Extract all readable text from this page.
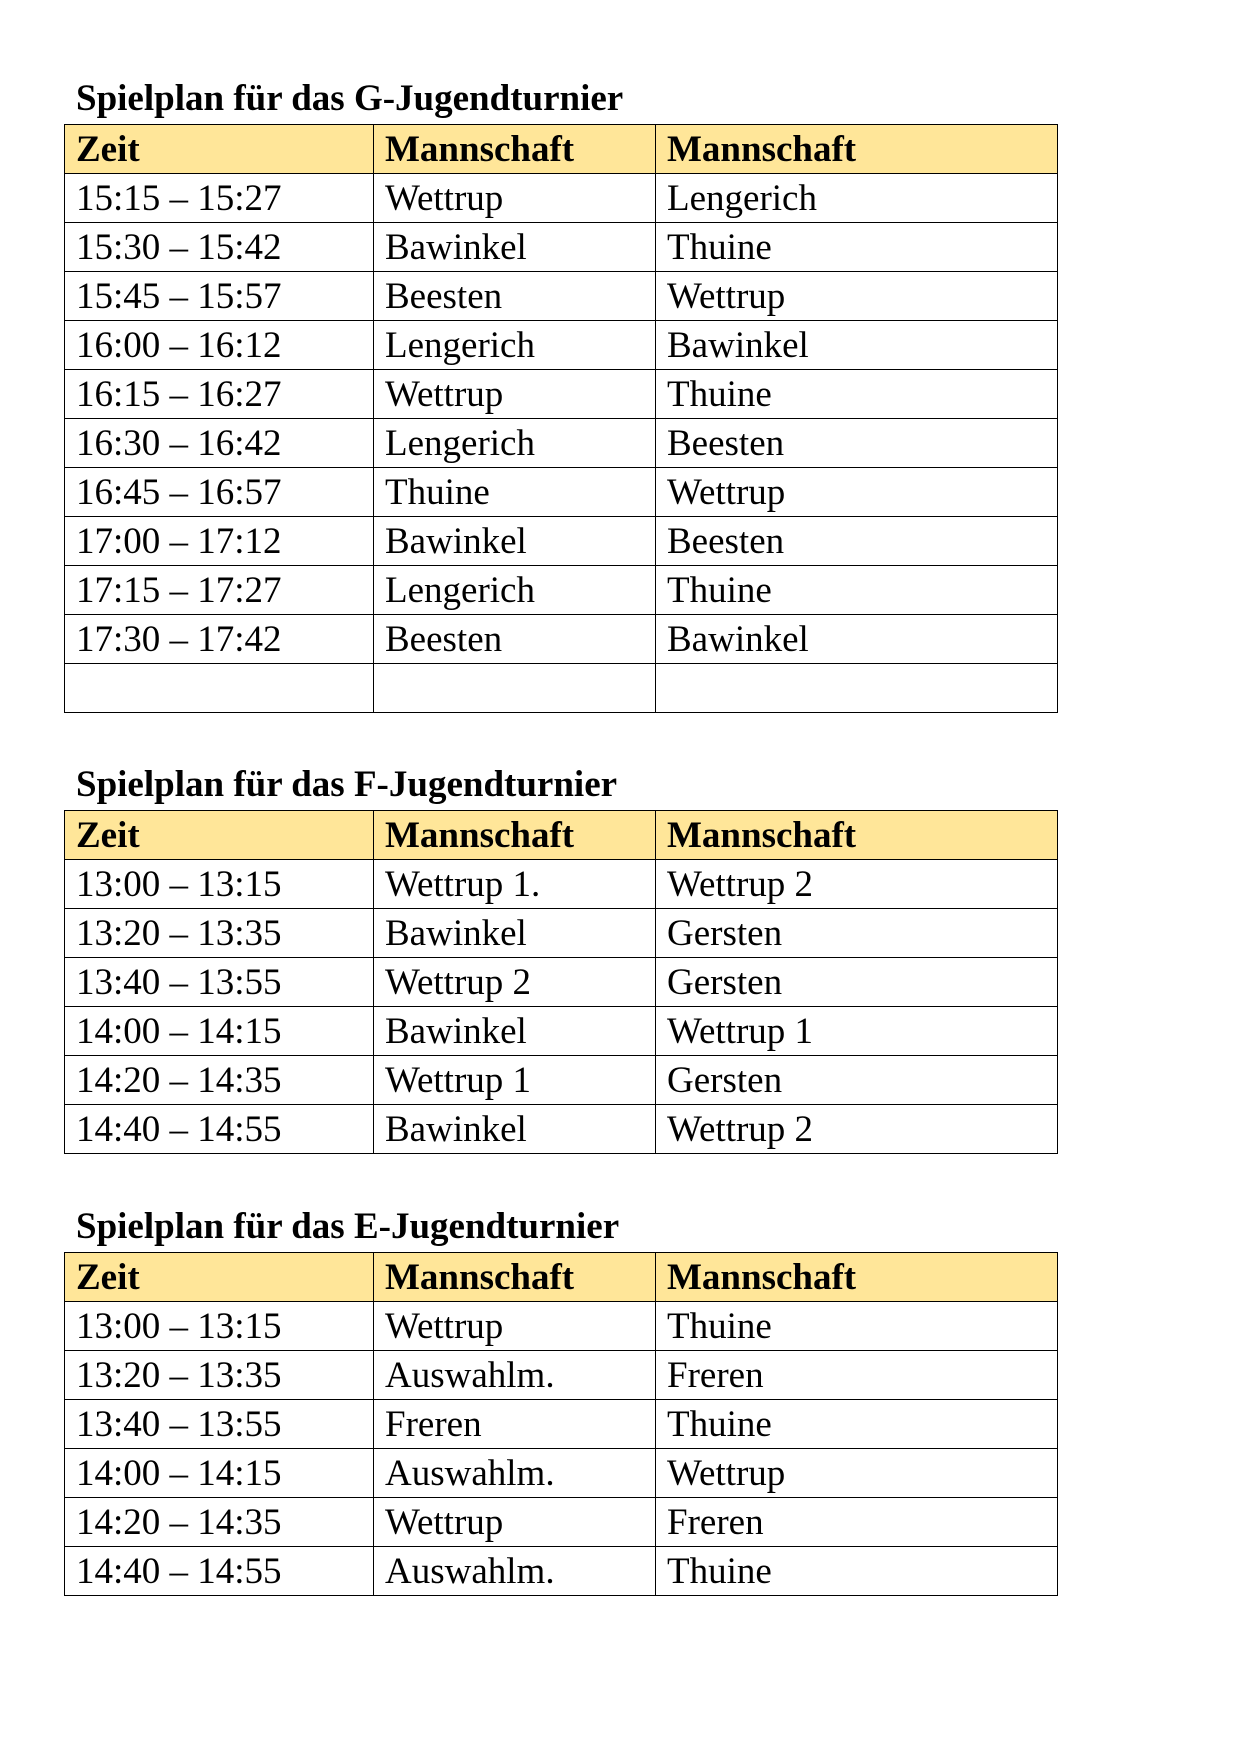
Spielplan für das G-Jugendturnier
Zeit	Mannschaft	Mannschaft
15:15 – 15:27	Wettrup	Lengerich
15:30 – 15:42	Bawinkel	Thuine
15:45 – 15:57	Beesten	Wettrup
16:00 – 16:12	Lengerich	Bawinkel
16:15 – 16:27	Wettrup	Thuine
16:30 – 16:42	Lengerich	Beesten
16:45 – 16:57	Thuine	Wettrup
17:00 – 17:12	Bawinkel	Beesten
17:15 – 17:27	Lengerich	Thuine
17:30 – 17:42	Beesten	Bawinkel

Spielplan für das F-Jugendturnier
Zeit	Mannschaft	Mannschaft
13:00 – 13:15	Wettrup 1.	Wettrup 2
13:20 – 13:35	Bawinkel	Gersten
13:40 – 13:55	Wettrup 2	Gersten
14:00 – 14:15	Bawinkel	Wettrup 1
14:20 – 14:35	Wettrup 1	Gersten
14:40 – 14:55	Bawinkel	Wettrup 2
Spielplan für das E-Jugendturnier
Zeit	Mannschaft	Mannschaft
13:00 – 13:15	Wettrup	Thuine
13:20 – 13:35	Auswahlm.	Freren
13:40 – 13:55	Freren	Thuine
14:00 – 14:15	Auswahlm.	Wettrup
14:20 – 14:35	Wettrup	Freren
14:40 – 14:55	Auswahlm.	Thuine
